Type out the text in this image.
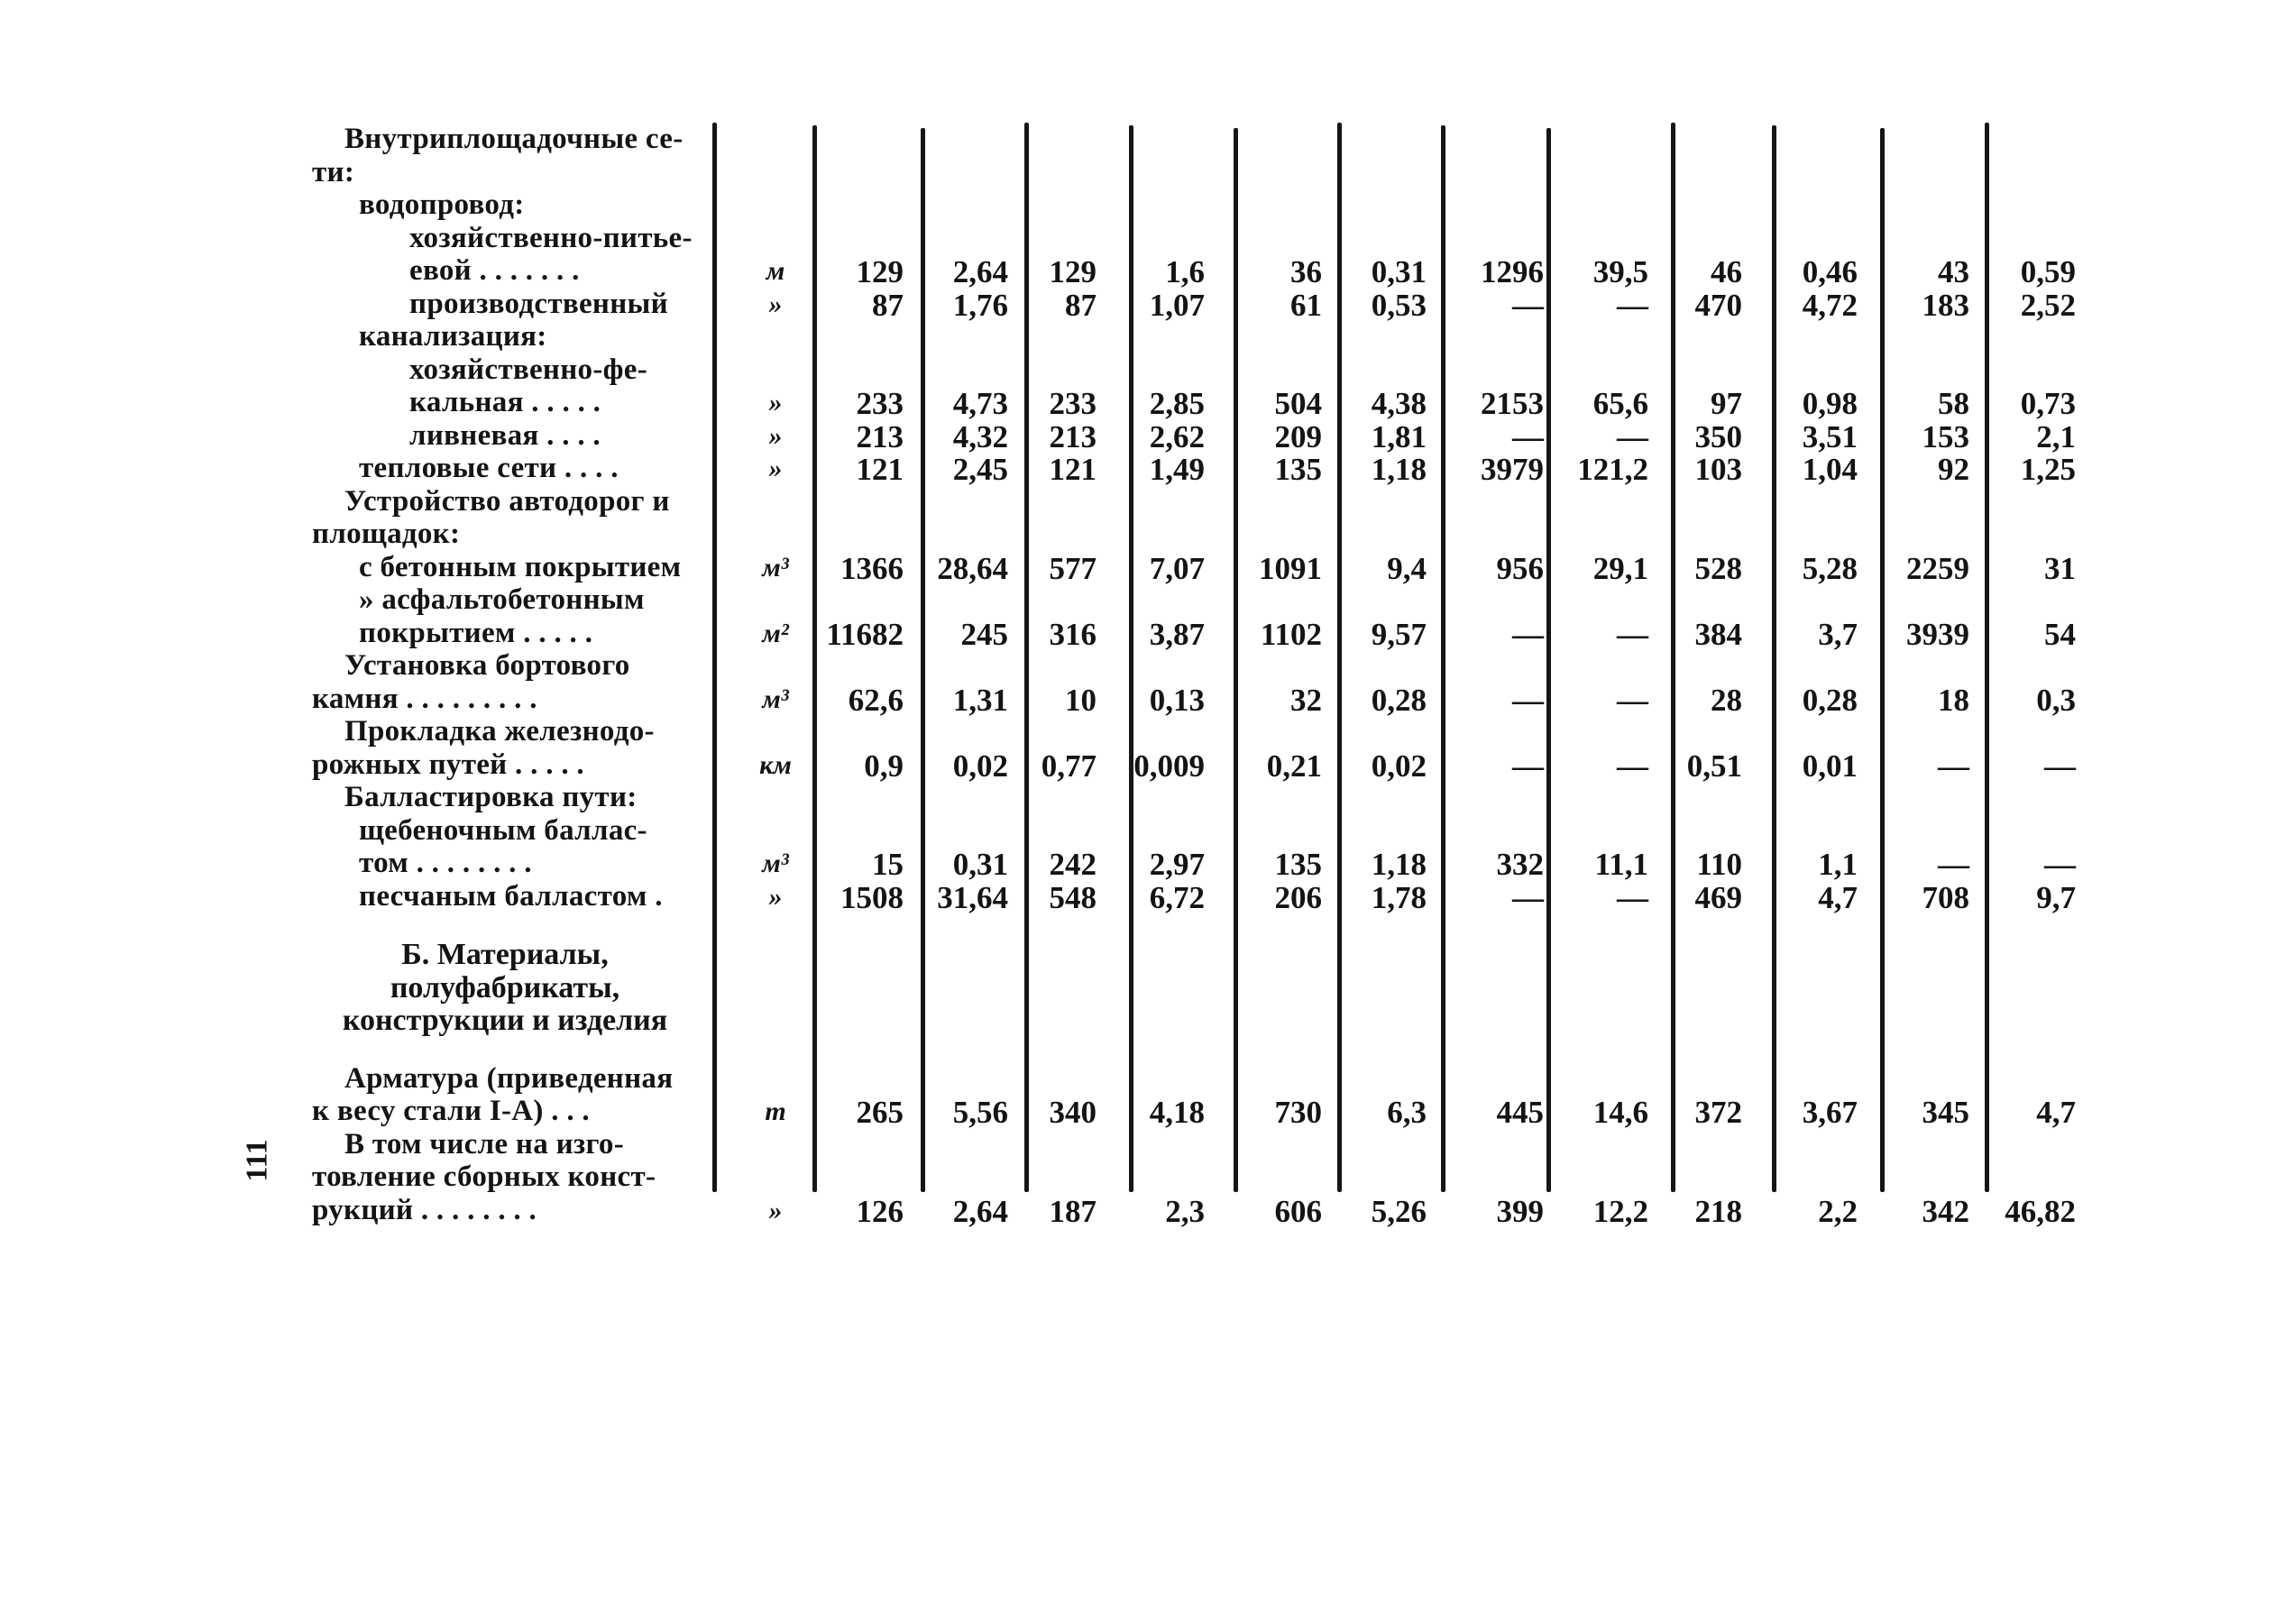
Внутриплощадочные се-
ти:
водопровод:
хозяйственно-питье-
евой . . . . . . .	м	129 2,64 129 1,6	36 0,31 1296 39,5 46 0,46	43 0,59
производственный	»	87 1,76 87 1,07	61 0,53	— — 470 4,72 183 2,52
канализация:
хозяйственно-фе-
кальная . . . . .	»	233 4,73 233 2,85 504 4,38 2153 65,6 97 0,98	58 0,73
ливневая . . . .	»	213 4,32 213 2,62 209 1,81	— — 350 3,51 153 2,1
тепловые сети . . . .	»	121 2,45 121 1,49 135 1,18 3979 121,2 103 1,04	92 1,25
Устройство автодорог и
площадок:
с бетонным покрытием	м³	1366 28,64 577 7,07 1091 9,4 956 29,1 528 5,28 2259 31
» асфальтобетонным
покрытием . . . . .	м²	11682 245 316 3,87 1102 9,57	— — 384 3,7 3939 54
Установка бортового
камня . . . . . . . . .	м³	62,6 1,31 10 0,13	32 0,28	— — 28 0,28	18 0,3
Прокладка железнодо-
рожных путей . . . . .	км	0,9 0,02 0,77 0,009 0,21 0,02	— — 0,51 0,01	— —
Балластировка пути:
щебеночным баллас-
том . . . . . . . .	м³	15 0,31 242 2,97 135 1,18 332 11,1 110 1,1	— —
песчаным балластом .	»	1508 31,64 548 6,72 206 1,78	— — 469 4,7 708 9,7
Б. Материалы,
полуфабрикаты,
конструкции и изделия
Арматура (приведенная
к весу стали I-А) . . .	т	265 5,56 340 4,18 730 6,3 445 14,6 372 3,67 345 4,7
В том числе на изго-
товление сборных конст-
рукций . . . . . . . .	»	126 2,64 187 2,3 606 5,26 399 12,2 218 2,2 342 46,82
111
